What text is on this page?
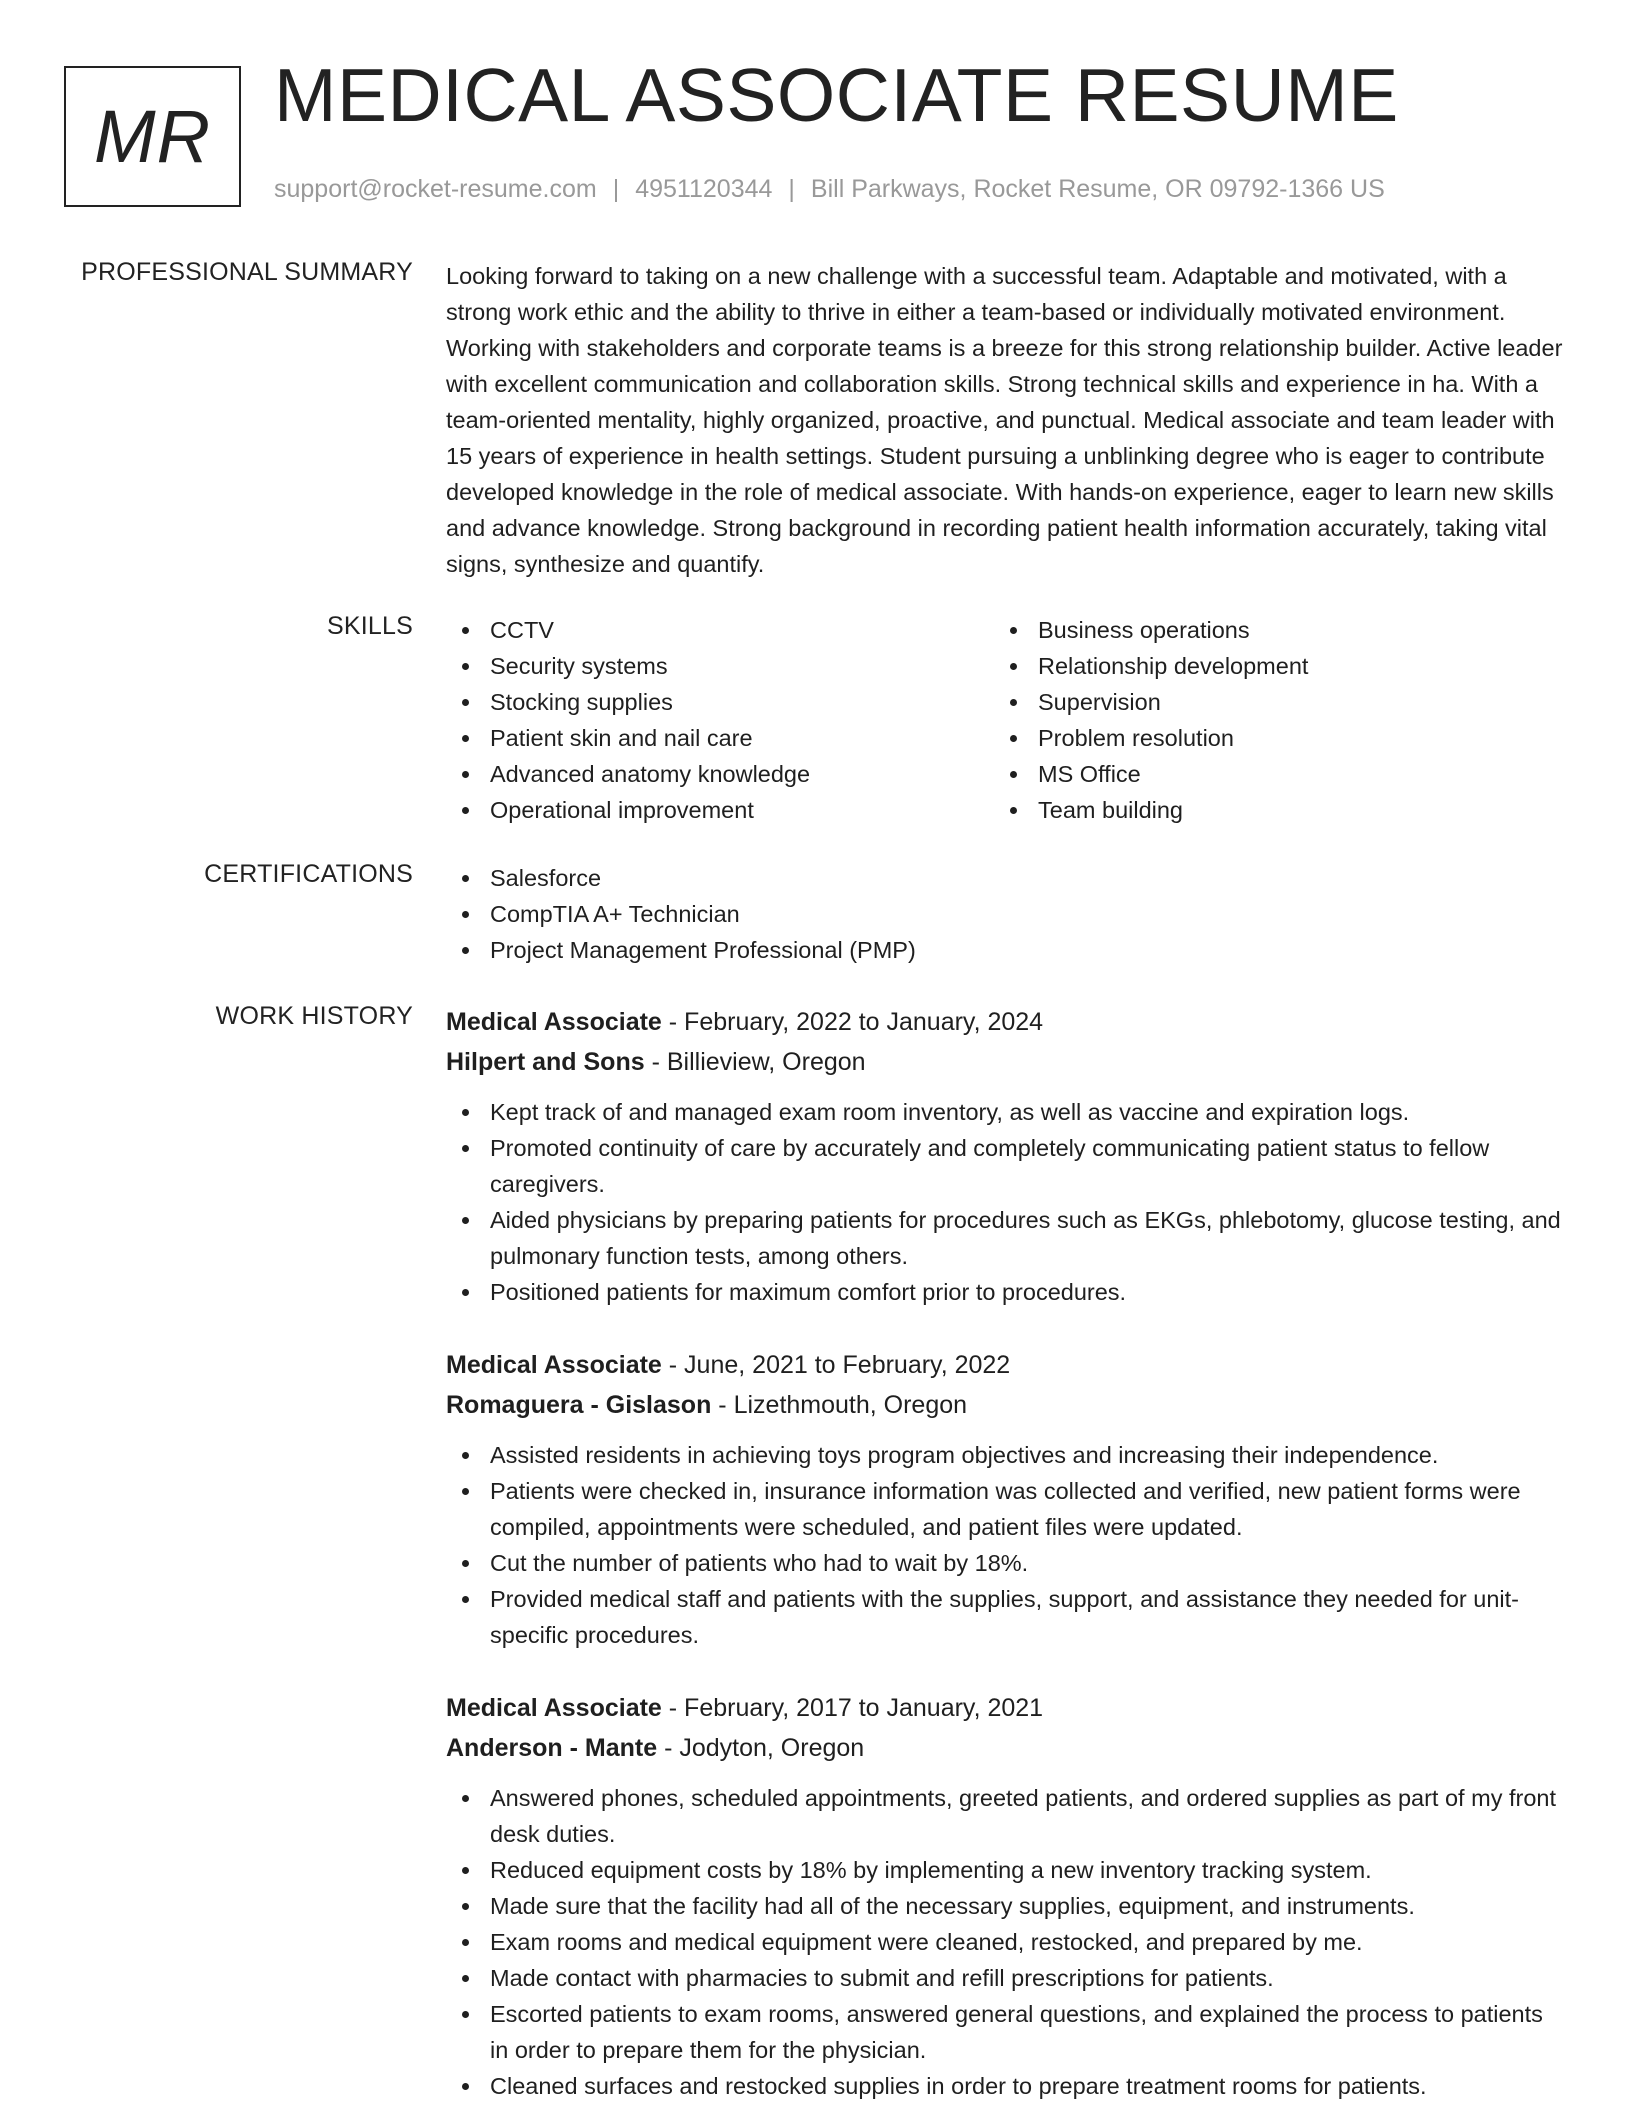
MR MEDICAL ASSOCIATE RESUME
support@rocket-resume.com | 4951120344 | Bill Parkways, Rocket Resume, OR 09792-1366 US
PROFESSIONAL SUMMARY Looking forward to taking on a new challenge with a successful team. Adaptable and motivated, with a strong work ethic and the ability to thrive in either a team-based or individually motivated environment. Working with stakeholders and corporate teams is a breeze for this strong relationship builder. Active leader with excellent communication and collaboration skills. Strong technical skills and experience in ha. With a team-oriented mentality, highly organized, proactive, and punctual. Medical associate and team leader with 15 years of experience in health settings. Student pursuing a unblinking degree who is eager to contribute developed knowledge in the role of medical associate. With hands-on experience, eager to learn new skills and advance knowledge. Strong background in recording patient health information accurately, taking vital signs, synthesize and quantify.
SKILLS	CCTV
Security systems
Stocking supplies
Patient skin and nail care
Advanced anatomy knowledge
Operational improvement
Business operations
Relationship development
Supervision
Problem resolution
MS Office
Team building
CERTIFICATIONS	Salesforce
CompTIA A+ Technician
Project Management Professional (PMP)
WORK HISTORY Medical Associate - February, 2022 to January, 2024
Hilpert and Sons - Billieview, Oregon
Kept track of and managed exam room inventory, as well as vaccine and expiration logs.
Promoted continuity of care by accurately and completely communicating patient status to fellow caregivers.
Aided physicians by preparing patients for procedures such as EKGs, phlebotomy, glucose testing, and pulmonary function tests, among others.
Positioned patients for maximum comfort prior to procedures.
Medical Associate - June, 2021 to February, 2022
Romaguera - Gislason - Lizethmouth, Oregon
Assisted residents in achieving toys program objectives and increasing their independence.
Patients were checked in, insurance information was collected and verified, new patient forms were compiled, appointments were scheduled, and patient files were updated.
Cut the number of patients who had to wait by 18%.
Provided medical staff and patients with the supplies, support, and assistance they needed for unit-specific procedures.
Medical Associate - February, 2017 to January, 2021
Anderson - Mante - Jodyton, Oregon
Answered phones, scheduled appointments, greeted patients, and ordered supplies as part of my front desk duties.
Reduced equipment costs by 18% by implementing a new inventory tracking system.
Made sure that the facility had all of the necessary supplies, equipment, and instruments.
Exam rooms and medical equipment were cleaned, restocked, and prepared by me.
Made contact with pharmacies to submit and refill prescriptions for patients.
Escorted patients to exam rooms, answered general questions, and explained the process to patients in order to prepare them for the physician.
Cleaned surfaces and restocked supplies in order to prepare treatment rooms for patients.
